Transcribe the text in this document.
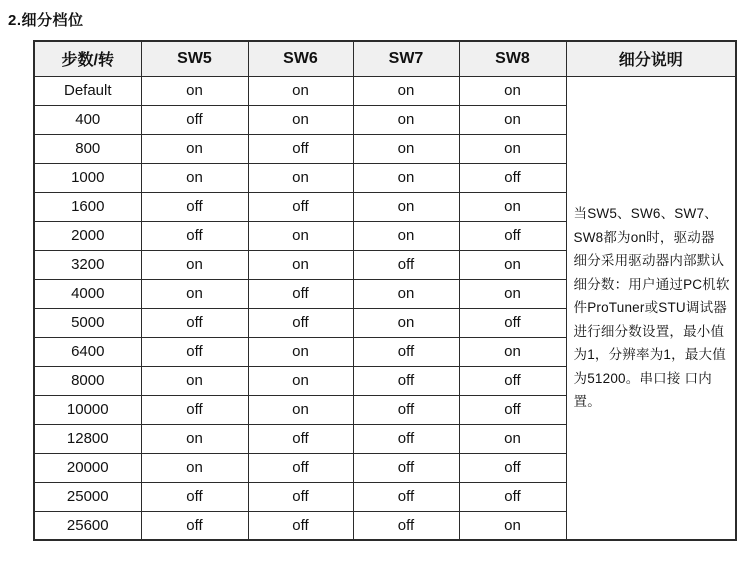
2.细分档位
步数/转	SW5	SW6	SW7	SW8	细分说明
Default	on	on	on	on	当SW5、SW6、SW7、SW8都为on时，驱动器 细分采用驱动器内部默认细分数：用户通过PC机软件ProTuner或STU调试器进行细分数设置，最小值为1，分辨率为1，最大值为51200。串口接 口内置。
400	off	on	on	on	
800	on	off	on	on	
1000	on	on	on	off	
1600	off	off	on	on	
2000	off	on	on	off	
3200	on	on	off	on	
4000	on	off	on	on	
5000	off	off	on	off	
6400	off	on	off	on	
8000	on	on	off	off	
10000	off	on	off	off	
12800	on	off	off	on	
20000	on	off	off	off	
25000	off	off	off	off	
25600	off	off	off	on	
